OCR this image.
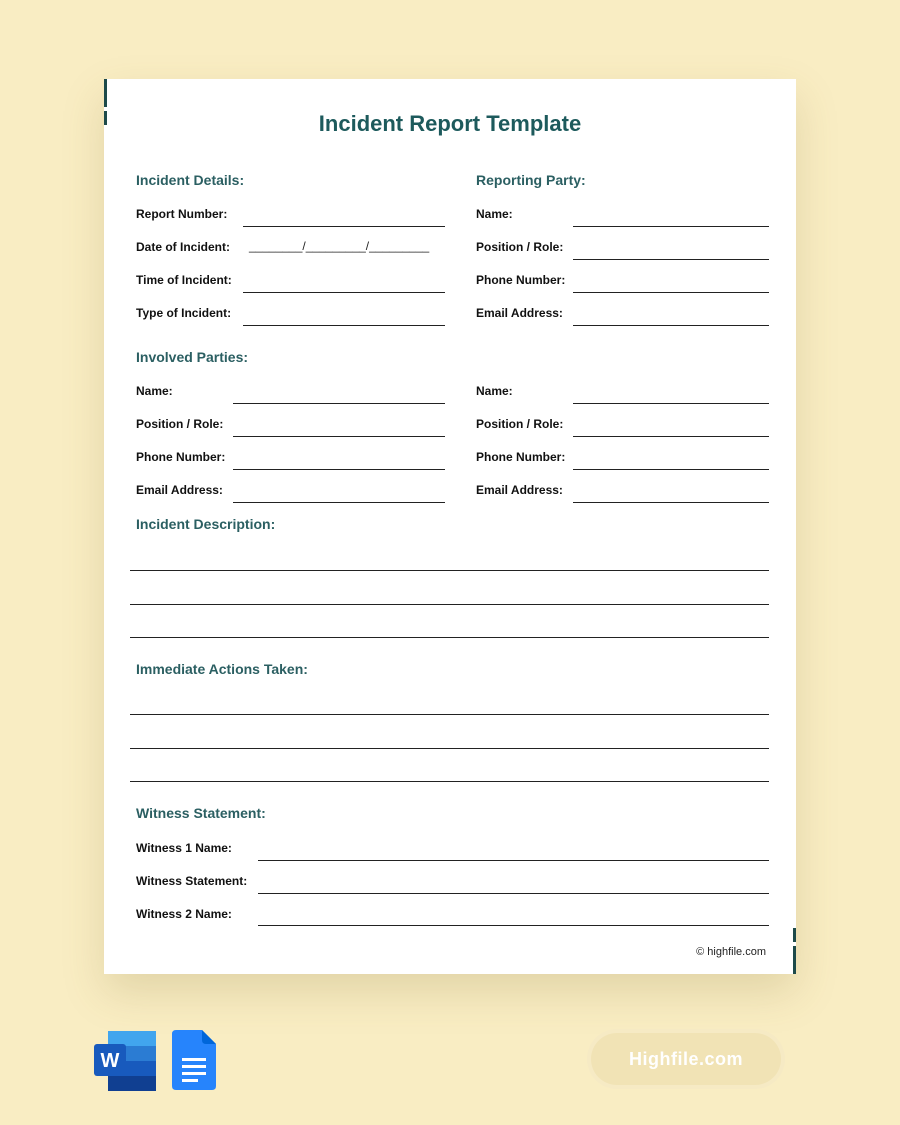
Incident Report Template
Incident Details:
Report Number:
Date of Incident: ________/_________/_________
Time of Incident:
Type of Incident:
Reporting Party:
Name:
Position / Role:
Phone Number:
Email Address:
Involved Parties:
Name:
Position / Role:
Phone Number:
Email Address:
Name:
Position / Role:
Phone Number:
Email Address:
Incident Description:
Immediate Actions Taken:
Witness Statement:
Witness 1 Name:
Witness Statement:
Witness 2 Name:
© highfile.com
W	Highfile.com
